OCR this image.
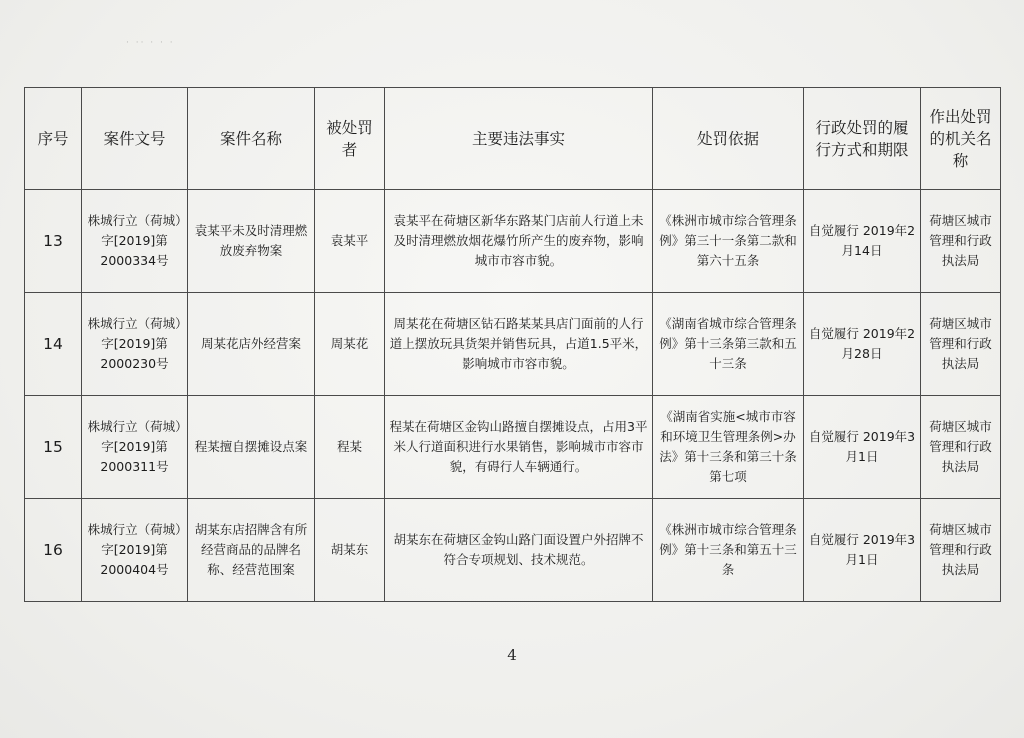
· ·· · · ·
序号	案件文号	案件名称	被处罚者	主要违法事实	处罚依据	行政处罚的履行方式和期限	作出处罚的机关名称
13	株城行立（荷城）字[2019]第2000334号	袁某平未及时清理燃放废弃物案	袁某平	袁某平在荷塘区新华东路某门店前人行道上未及时清理燃放烟花爆竹所产生的废弃物，影响城市市容市貌。	《株洲市城市综合管理条例》第三十一条第二款和第六十五条	自觉履行 2019年2月14日	荷塘区城市管理和行政执法局
14	株城行立（荷城）字[2019]第2000230号	周某花店外经营案	周某花	周某花在荷塘区钻石路某某具店门面前的人行道上摆放玩具货架并销售玩具，占道1.5平米，影响城市市容市貌。	《湖南省城市综合管理条例》第十三条第三款和五十三条	自觉履行 2019年2月28日	荷塘区城市管理和行政执法局
15	株城行立（荷城）字[2019]第2000311号	程某擅自摆摊设点案	程某	程某在荷塘区金钩山路擅自摆摊设点，占用3平米人行道面积进行水果销售，影响城市市容市貌，有碍行人车辆通行。	《湖南省实施<城市市容和环境卫生管理条例>办法》第十三条和第三十条第七项	自觉履行 2019年3月1日	荷塘区城市管理和行政执法局
16	株城行立（荷城）字[2019]第2000404号	胡某东店招牌含有所经营商品的品牌名称、经营范围案	胡某东	胡某东在荷塘区金钩山路门面设置户外招牌不符合专项规划、技术规范。	《株洲市城市综合管理条例》第十三条和第五十三条	自觉履行 2019年3月1日	荷塘区城市管理和行政执法局
4
